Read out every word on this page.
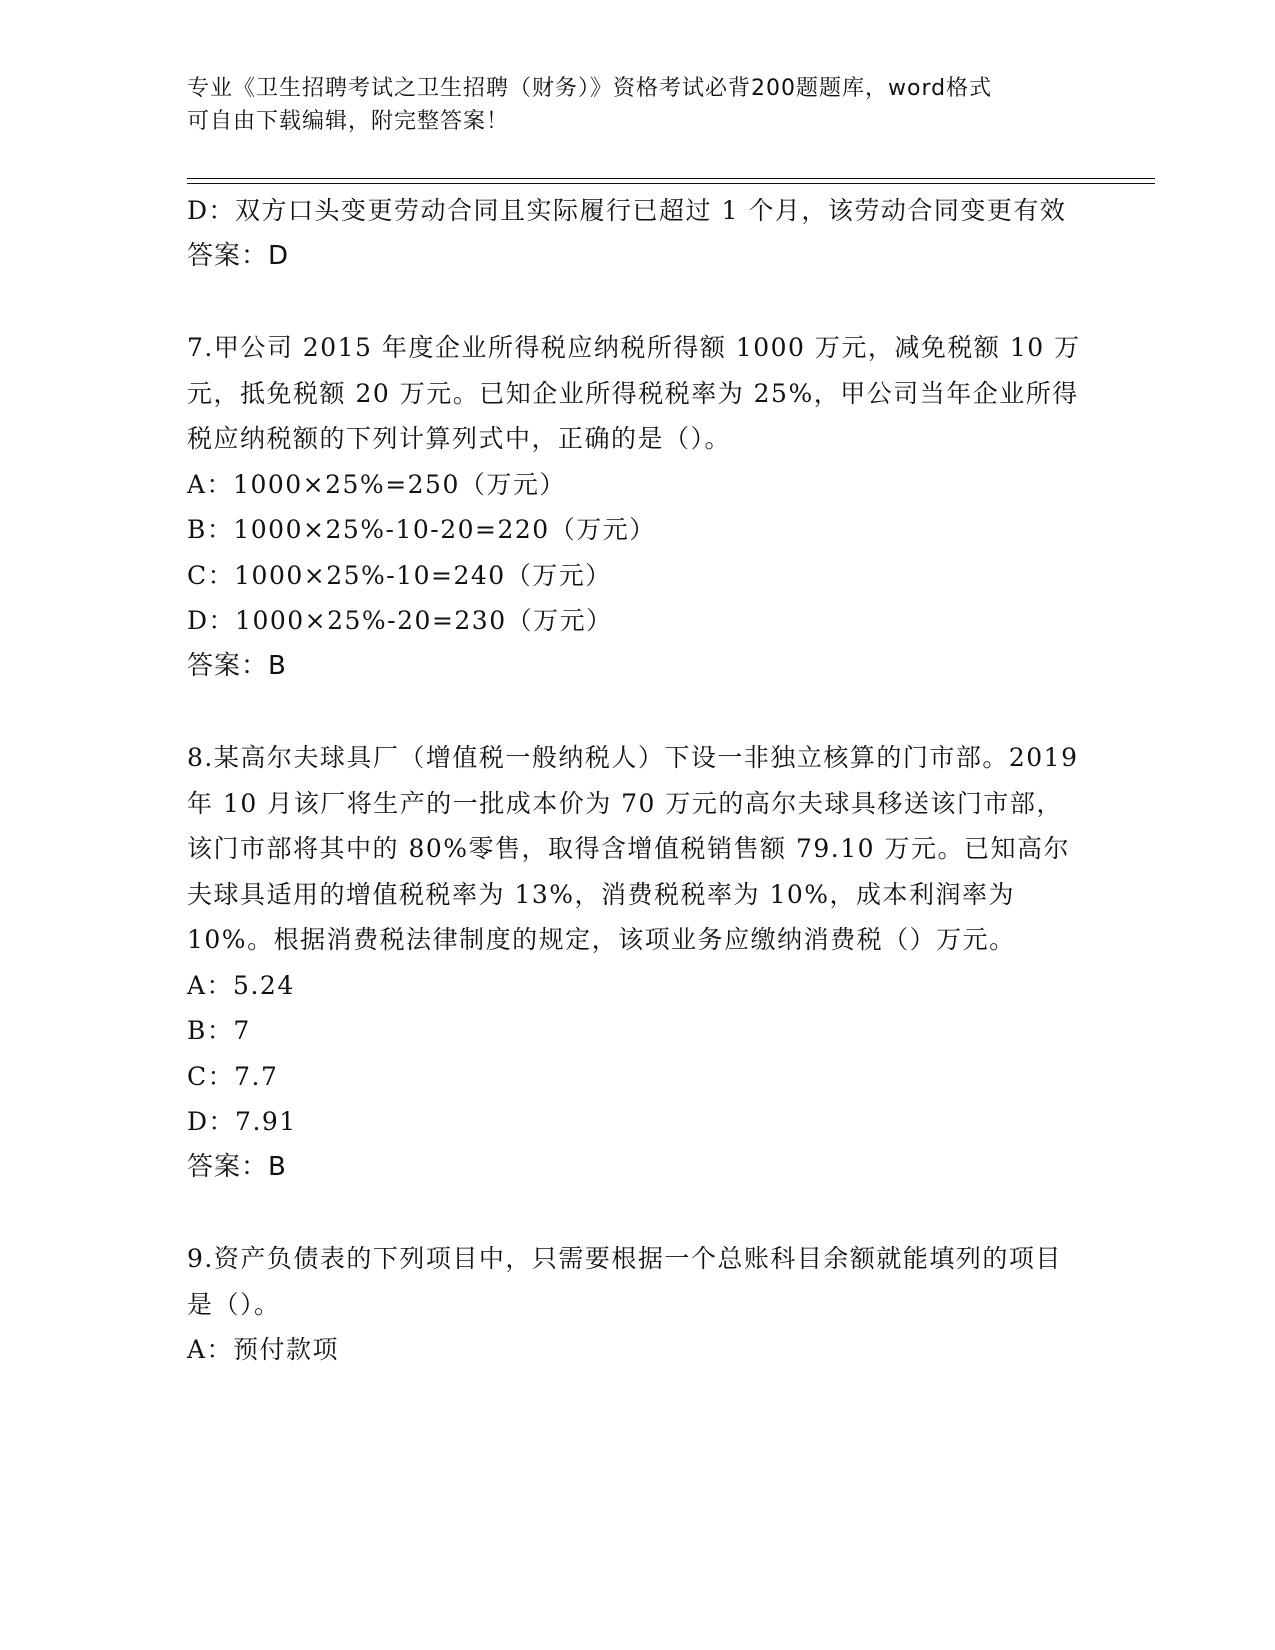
专业《卫生招聘考试之卫生招聘（财务）》资格考试必背200题题库，word格式
可自由下载编辑，附完整答案！

D：双方口头变更劳动合同且实际履行已超过 1 个月，该劳动合同变更有效

答案：D

7.甲公司 2015 年度企业所得税应纳税所得额 1000 万元，减免税额 10 万元，抵免税额 20 万元。已知企业所得税税率为 25%，甲公司当年企业所得税应纳税额的下列计算列式中，正确的是（）。

A：1000×25%=250（万元）

B：1000×25%-10-20=220（万元）

C：1000×25%-10=240（万元）

D：1000×25%-20=230（万元）

答案：B

8.某高尔夫球具厂（增值税一般纳税人）下设一非独立核算的门市部。2019 年 10 月该厂将生产的一批成本价为 70 万元的高尔夫球具移送该门市部，该门市部将其中的 80%零售，取得含增值税销售额 79.10 万元。已知高尔夫球具适用的增值税税率为 13%，消费税税率为 10%，成本利润率为 10%。根据消费税法律制度的规定，该项业务应缴纳消费税（）万元。

A：5.24

B：7

C：7.7

D：7.91

答案：B

9.资产负债表的下列项目中，只需要根据一个总账科目余额就能填列的项目是（）。

A：预付款项
